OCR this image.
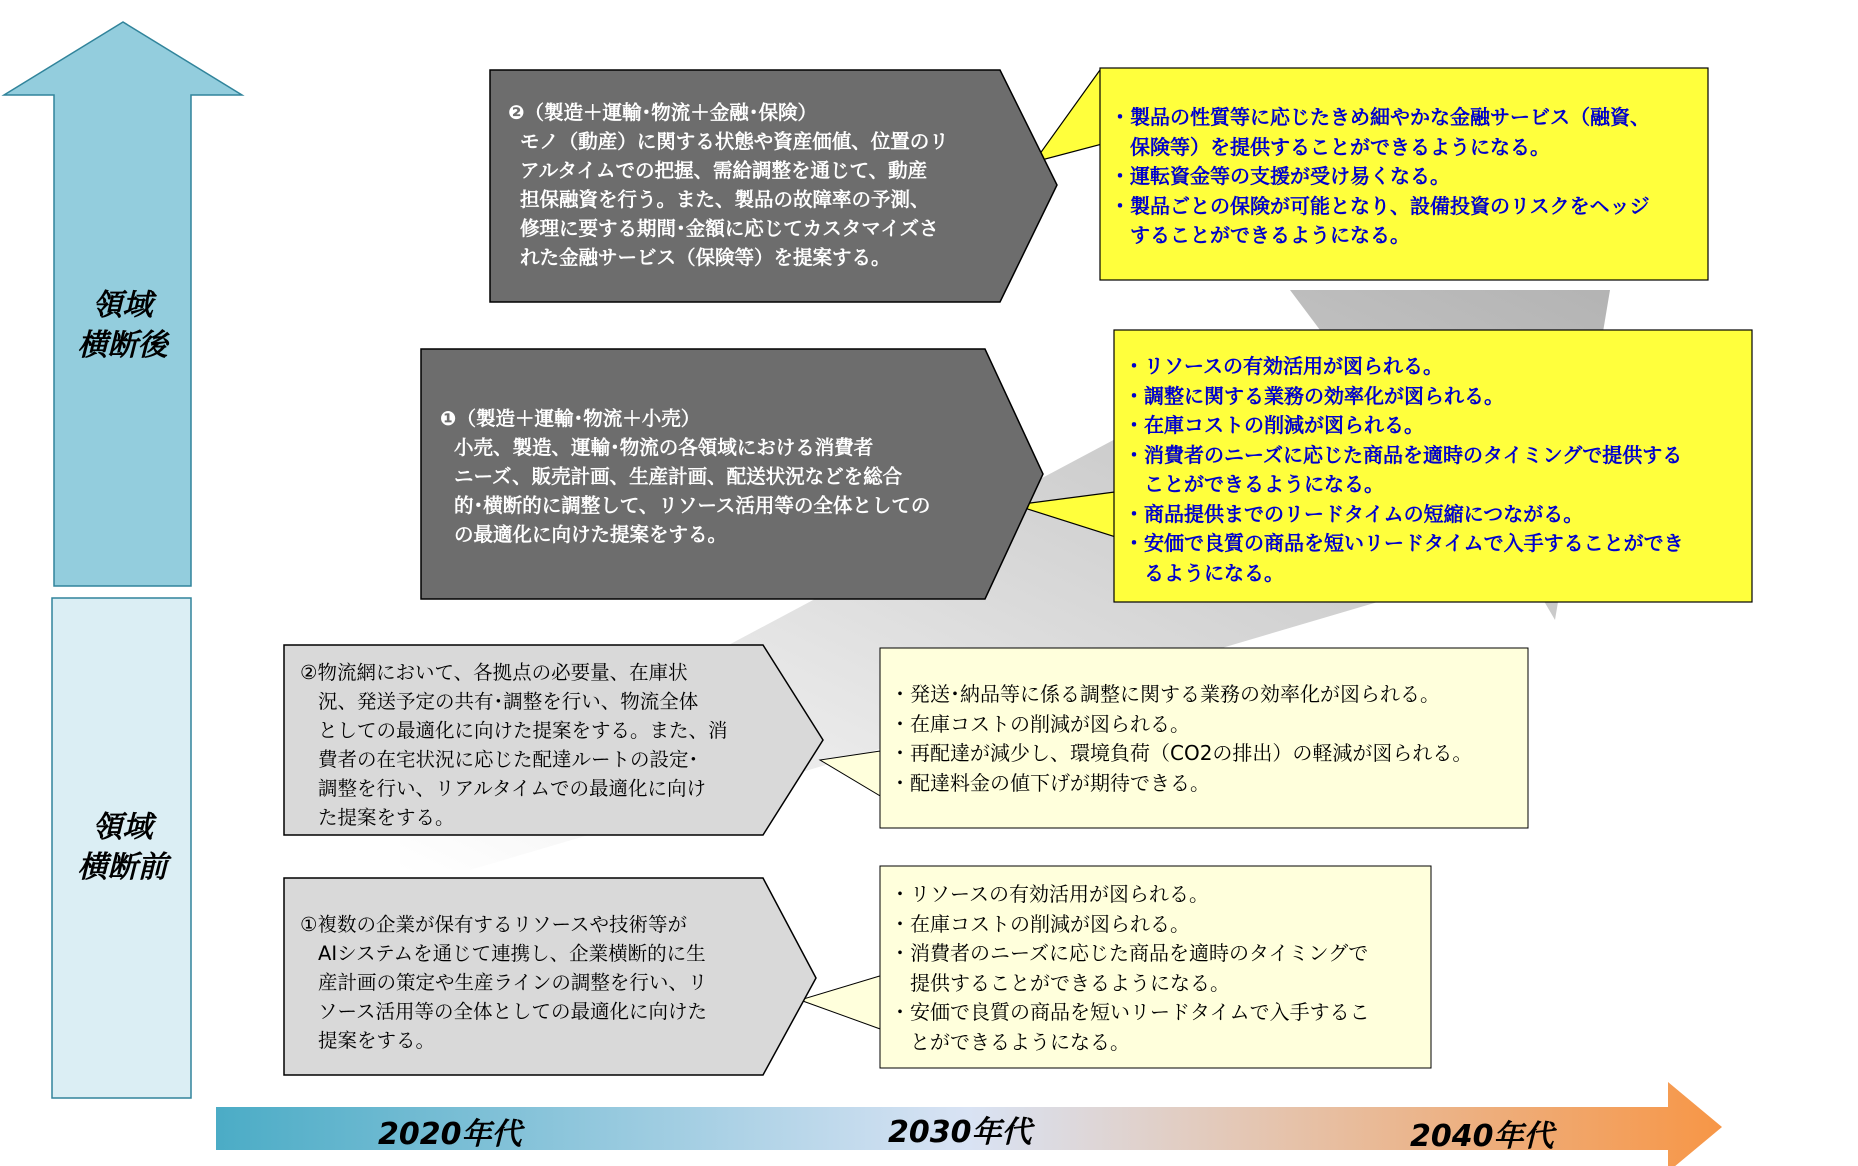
領域
横断後
領域
横断前
❷（製造＋運輸･物流＋金融･保険）
モノ（動産）に関する状態や資産価値、位置のリ
アルタイムでの把握、需給調整を通じて、動産
担保融資を行う。また、製品の故障率の予測、
修理に要する期間･金額に応じてカスタマイズさ
れた金融サービス（保険等）を提案する。
❶（製造＋運輸･物流＋小売）
小売、製造、運輸･物流の各領域における消費者
ニーズ、販売計画、生産計画、配送状況などを総合
的･横断的に調整して、リソース活用等の全体としての
の最適化に向けた提案をする。
②物流網において、各拠点の必要量、在庫状
況、発送予定の共有･調整を行い、物流全体
としての最適化に向けた提案をする。また、消
費者の在宅状況に応じた配達ルートの設定･
調整を行い、リアルタイムでの最適化に向け
た提案をする。
①複数の企業が保有するリソースや技術等が
AIシステムを通じて連携し、企業横断的に生
産計画の策定や生産ラインの調整を行い、リ
ソース活用等の全体としての最適化に向けた
提案をする。
・製品の性質等に応じたきめ細やかな金融サービス（融資、
　保険等）を提供することができるようになる。
・運転資金等の支援が受け易くなる。
・製品ごとの保険が可能となり、設備投資のリスクをヘッジ
　することができるようになる。
・リソースの有効活用が図られる。
・調整に関する業務の効率化が図られる。
・在庫コストの削減が図られる。
・消費者のニーズに応じた商品を適時のタイミングで提供する
　ことができるようになる。
・商品提供までのリードタイムの短縮につながる。
・安価で良質の商品を短いリードタイムで入手することができ
　るようになる。
・発送･納品等に係る調整に関する業務の効率化が図られる。
・在庫コストの削減が図られる。
・再配達が減少し、環境負荷（CO2の排出）の軽減が図られる。
・配達料金の値下げが期待できる。
・リソースの有効活用が図られる。
・在庫コストの削減が図られる。
・消費者のニーズに応じた商品を適時のタイミングで
　提供することができるようになる。
・安価で良質の商品を短いリードタイムで入手するこ
　とができるようになる。
2020年代	2030年代	2040年代
